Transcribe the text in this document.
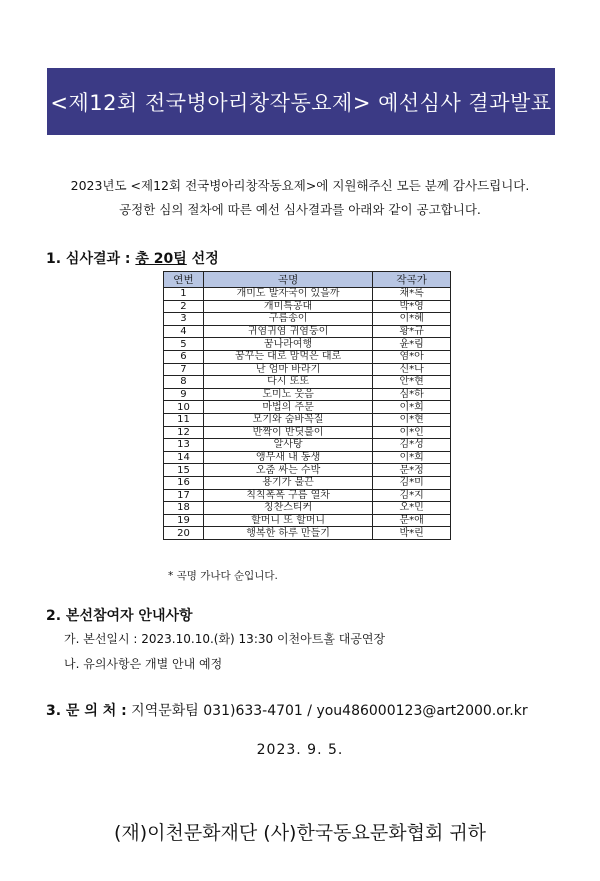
<제12회 전국병아리창작동요제> 예선심사 결과발표
2023년도 <제12회 전국병아리창작동요제>에 지원해주신 모든 분께 감사드립니다.
공정한 심의 절차에 따른 예선 심사결과를 아래와 같이 공고합니다.
1. 심사결과 : 총 20팀 선정
연번	곡명	작곡가
1	개미도 발자국이 있을까	채*록
2	개미특공대	박*영
3	구름송이	이*혜
4	귀염귀염 귀염둥이	황*규
5	꿈나라여행	윤*림
6	꿈꾸는 대로 맘먹은 대로	염*아
7	난 엄마 바라기	신*나
8	다시 또또	안*현
9	도미노 웃음	심*하
10	마법의 주문	이*희
11	모기와 숨바꼭질	이*현
12	반짝이 반딧불이	이*인
13	알사탕	김*성
14	앵무새 내 동생	이*희
15	오줌 싸는 수박	문*정
16	용기가 불끈	김*미
17	칙칙폭폭 구름 열차	김*지
18	칭찬스티커	오*민
19	할머니 또 할머니	문*애
20	행복한 하루 만들기	박*린
* 곡명 가나다 순입니다.
2. 본선참여자 안내사항
가. 본선일시 : 2023.10.10.(화) 13:30 이천아트홀 대공연장
나. 유의사항은 개별 안내 예정
3. 문 의 처 : 지역문화팀 031)633-4701 / you486000123@art2000.or.kr
2023. 9. 5.
(재)이천문화재단 (사)한국동요문화협회 귀하
